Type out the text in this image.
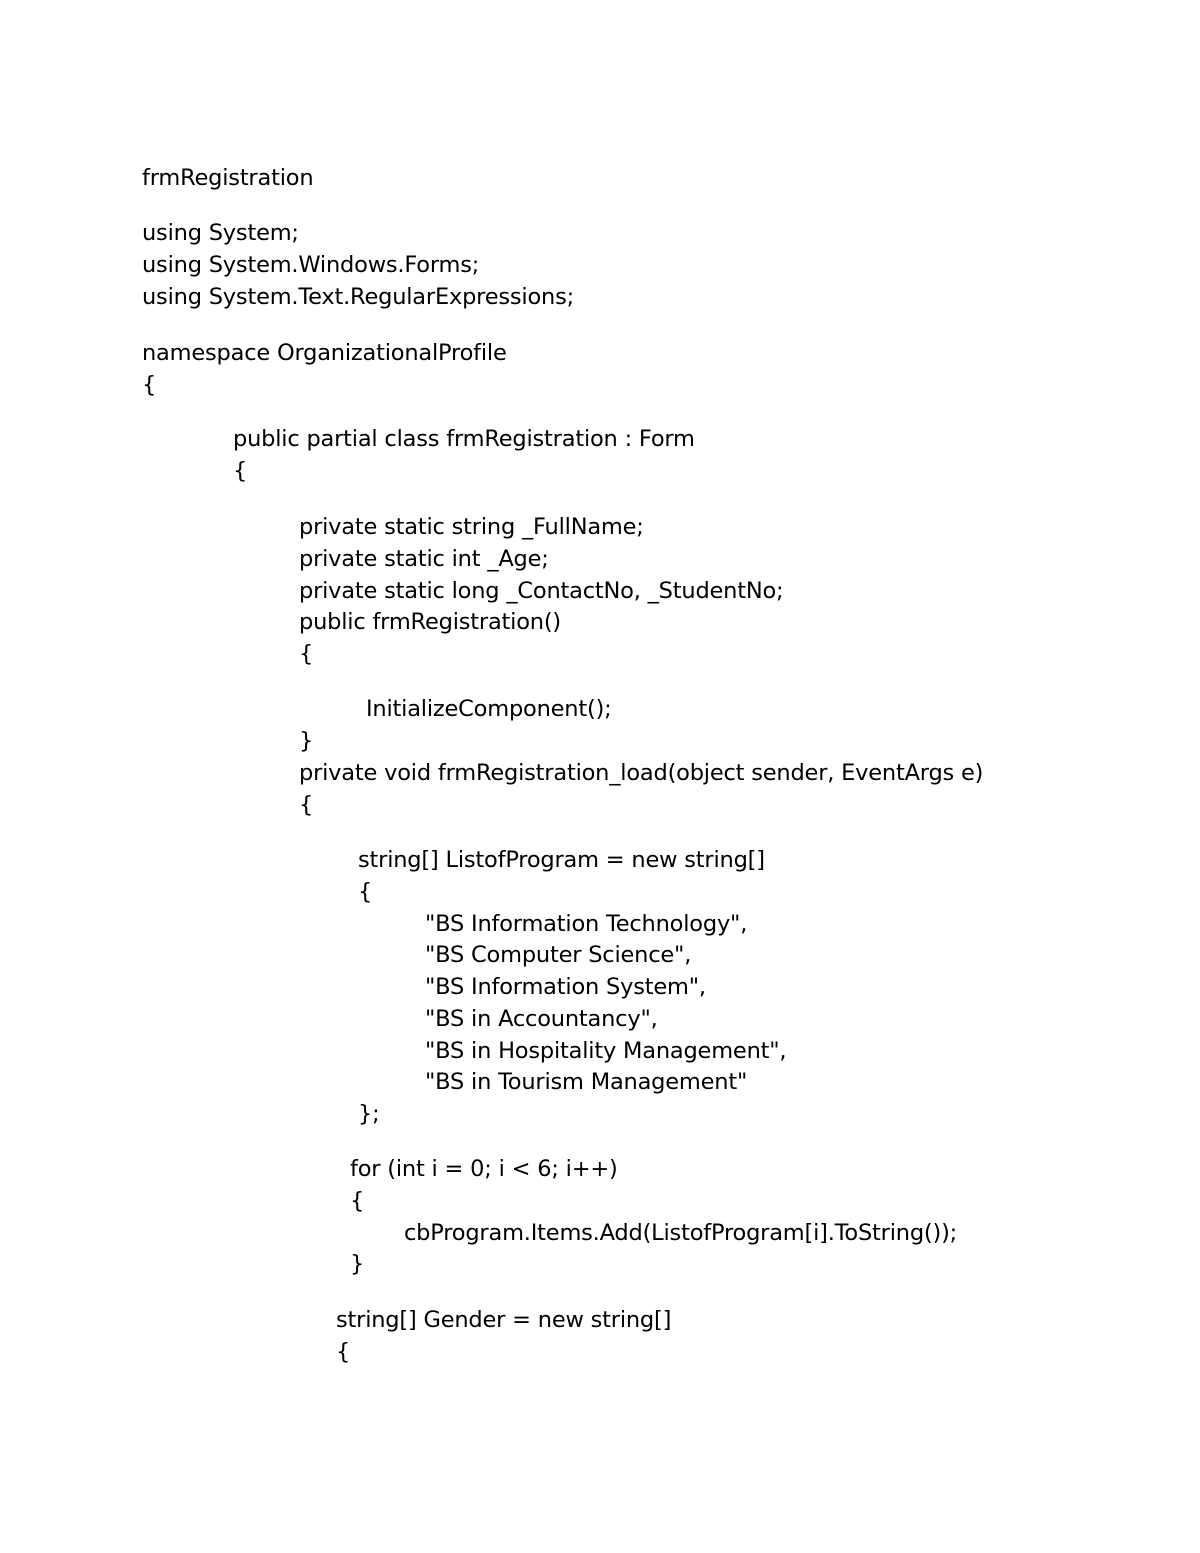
frmRegistration
using System;
using System.Windows.Forms;
using System.Text.RegularExpressions;
namespace OrganizationalProfile
{
public partial class frmRegistration : Form
{
private static string _FullName;
private static int _Age;
private static long _ContactNo, _StudentNo;
public frmRegistration()
{
InitializeComponent();
}
private void frmRegistration_load(object sender, EventArgs e)
{
string[] ListofProgram = new string[]
{
"BS Information Technology",
"BS Computer Science",
"BS Information System",
"BS in Accountancy",
"BS in Hospitality Management",
"BS in Tourism Management"
};
for (int i = 0; i < 6; i++)
{
cbProgram.Items.Add(ListofProgram[i].ToString());
}
string[] Gender = new string[]
{
